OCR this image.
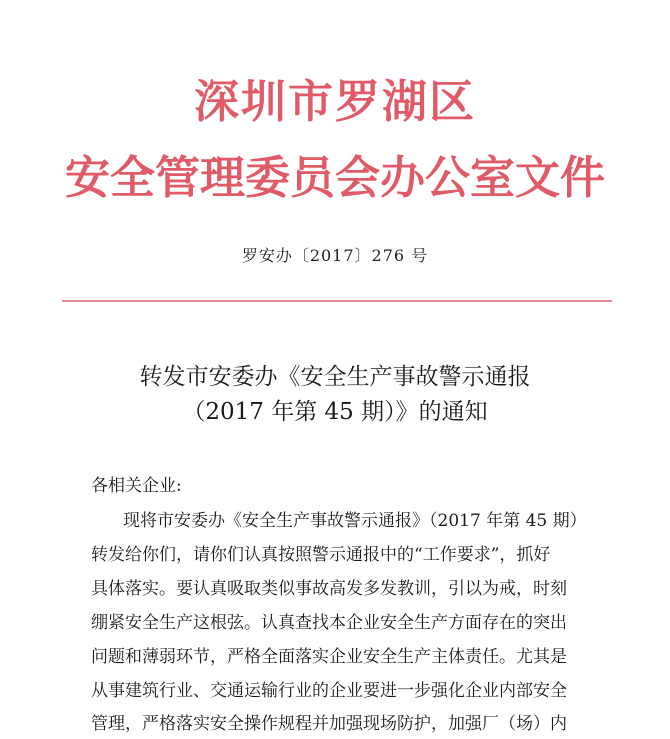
深圳市罗湖区
安全管理委员会办公室文件
罗安办〔2017〕276 号
转发市安委办《安全生产事故警示通报
（2017 年第 45 期）》的通知
各相关企业:
现将市安委办《安全生产事故警示通报》（2017 年第 45 期）
转发给你们，请你们认真按照警示通报中的“工作要求”，抓好
具体落实。要认真吸取类似事故高发多发教训，引以为戒，时刻
绷紧安全生产这根弦。认真查找本企业安全生产方面存在的突出
问题和薄弱环节，严格全面落实企业安全生产主体责任。尤其是
从事建筑行业、交通运输行业的企业要进一步强化企业内部安全
管理，严格落实安全操作规程并加强现场防护，加强厂（场）内
